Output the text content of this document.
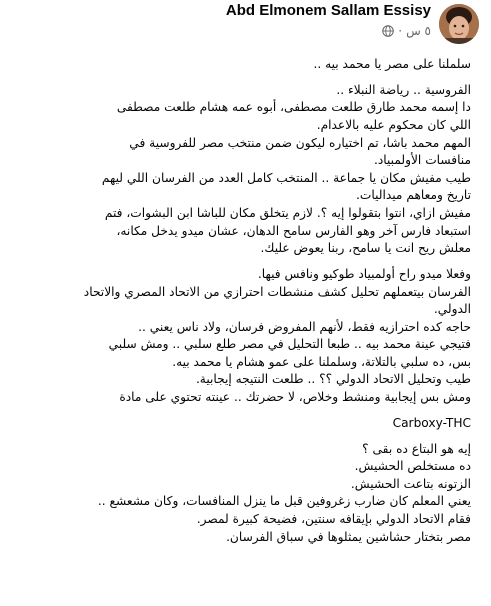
Abd Elmonem Sallam Essisy
٥ س
·
سلملنا على مصر يا محمد بيه ..
الفروسية .. رياضة النبلاء ..
دا إسمه محمد طارق طلعت مصطفى، أبوه عمه هشام طلعت مصطفى
اللي كان محكوم عليه بالاعدام.
المهم محمد باشا، تم اختياره ليكون ضمن منتخب مصر للفروسية في
منافسات الأولمبياد.
طيب مفيش مكان يا جماعة .. المنتخب كامل العدد من الفرسان اللي ليهم
تاريخ ومعاهم ميداليات.
مفيش ازاي، انتوا بتقولوا إيه ؟. لازم يتخلق مكان للباشا ابن البشوات، فتم
استبعاد فارس آخر وهو الفارس سامح الدهان، عشان ميدو يدخل مكانه،
معلش ريح انت يا سامح، ربنا يعوض عليك.
وفعلا ميدو راح أولمبياد طوكيو ونافس فيها.
الفرسان بيتعملهم تحليل كشف منشطات احترازي من الاتحاد المصري والاتحاد
الدولي.
حاجه كده احترازيه فقط، لأنهم المفروض فرسان، ولاد ناس يعني ..
فتيجي عينة محمد بيه .. طبعا التحليل في مصر طلع سلبي .. ومش سلبي
بس، ده سلبي بالتلاتة، وسلملنا على عمو هشام يا محمد بيه.
طيب وتحليل الاتحاد الدولي ؟؟ .. طلعت النتيجه إيجابية.
ومش بس إيجابية ومنشط وخلاص، لا حضرتك .. عينته تحتوي على مادة
Carboxy-THC
إيه هو البتاع ده بقى ؟
ده مستخلص الحشيش.
الزتونه بتاعت الحشيش.
يعني المعلم كان ضارب زغروفين قبل ما ينزل المنافسات، وكان مشعشع ..
فقام الاتحاد الدولي بإيقافه سنتين، فضيحة كبيرة لمصر.
مصر بتختار حشاشين يمثلوها في سباق الفرسان.
